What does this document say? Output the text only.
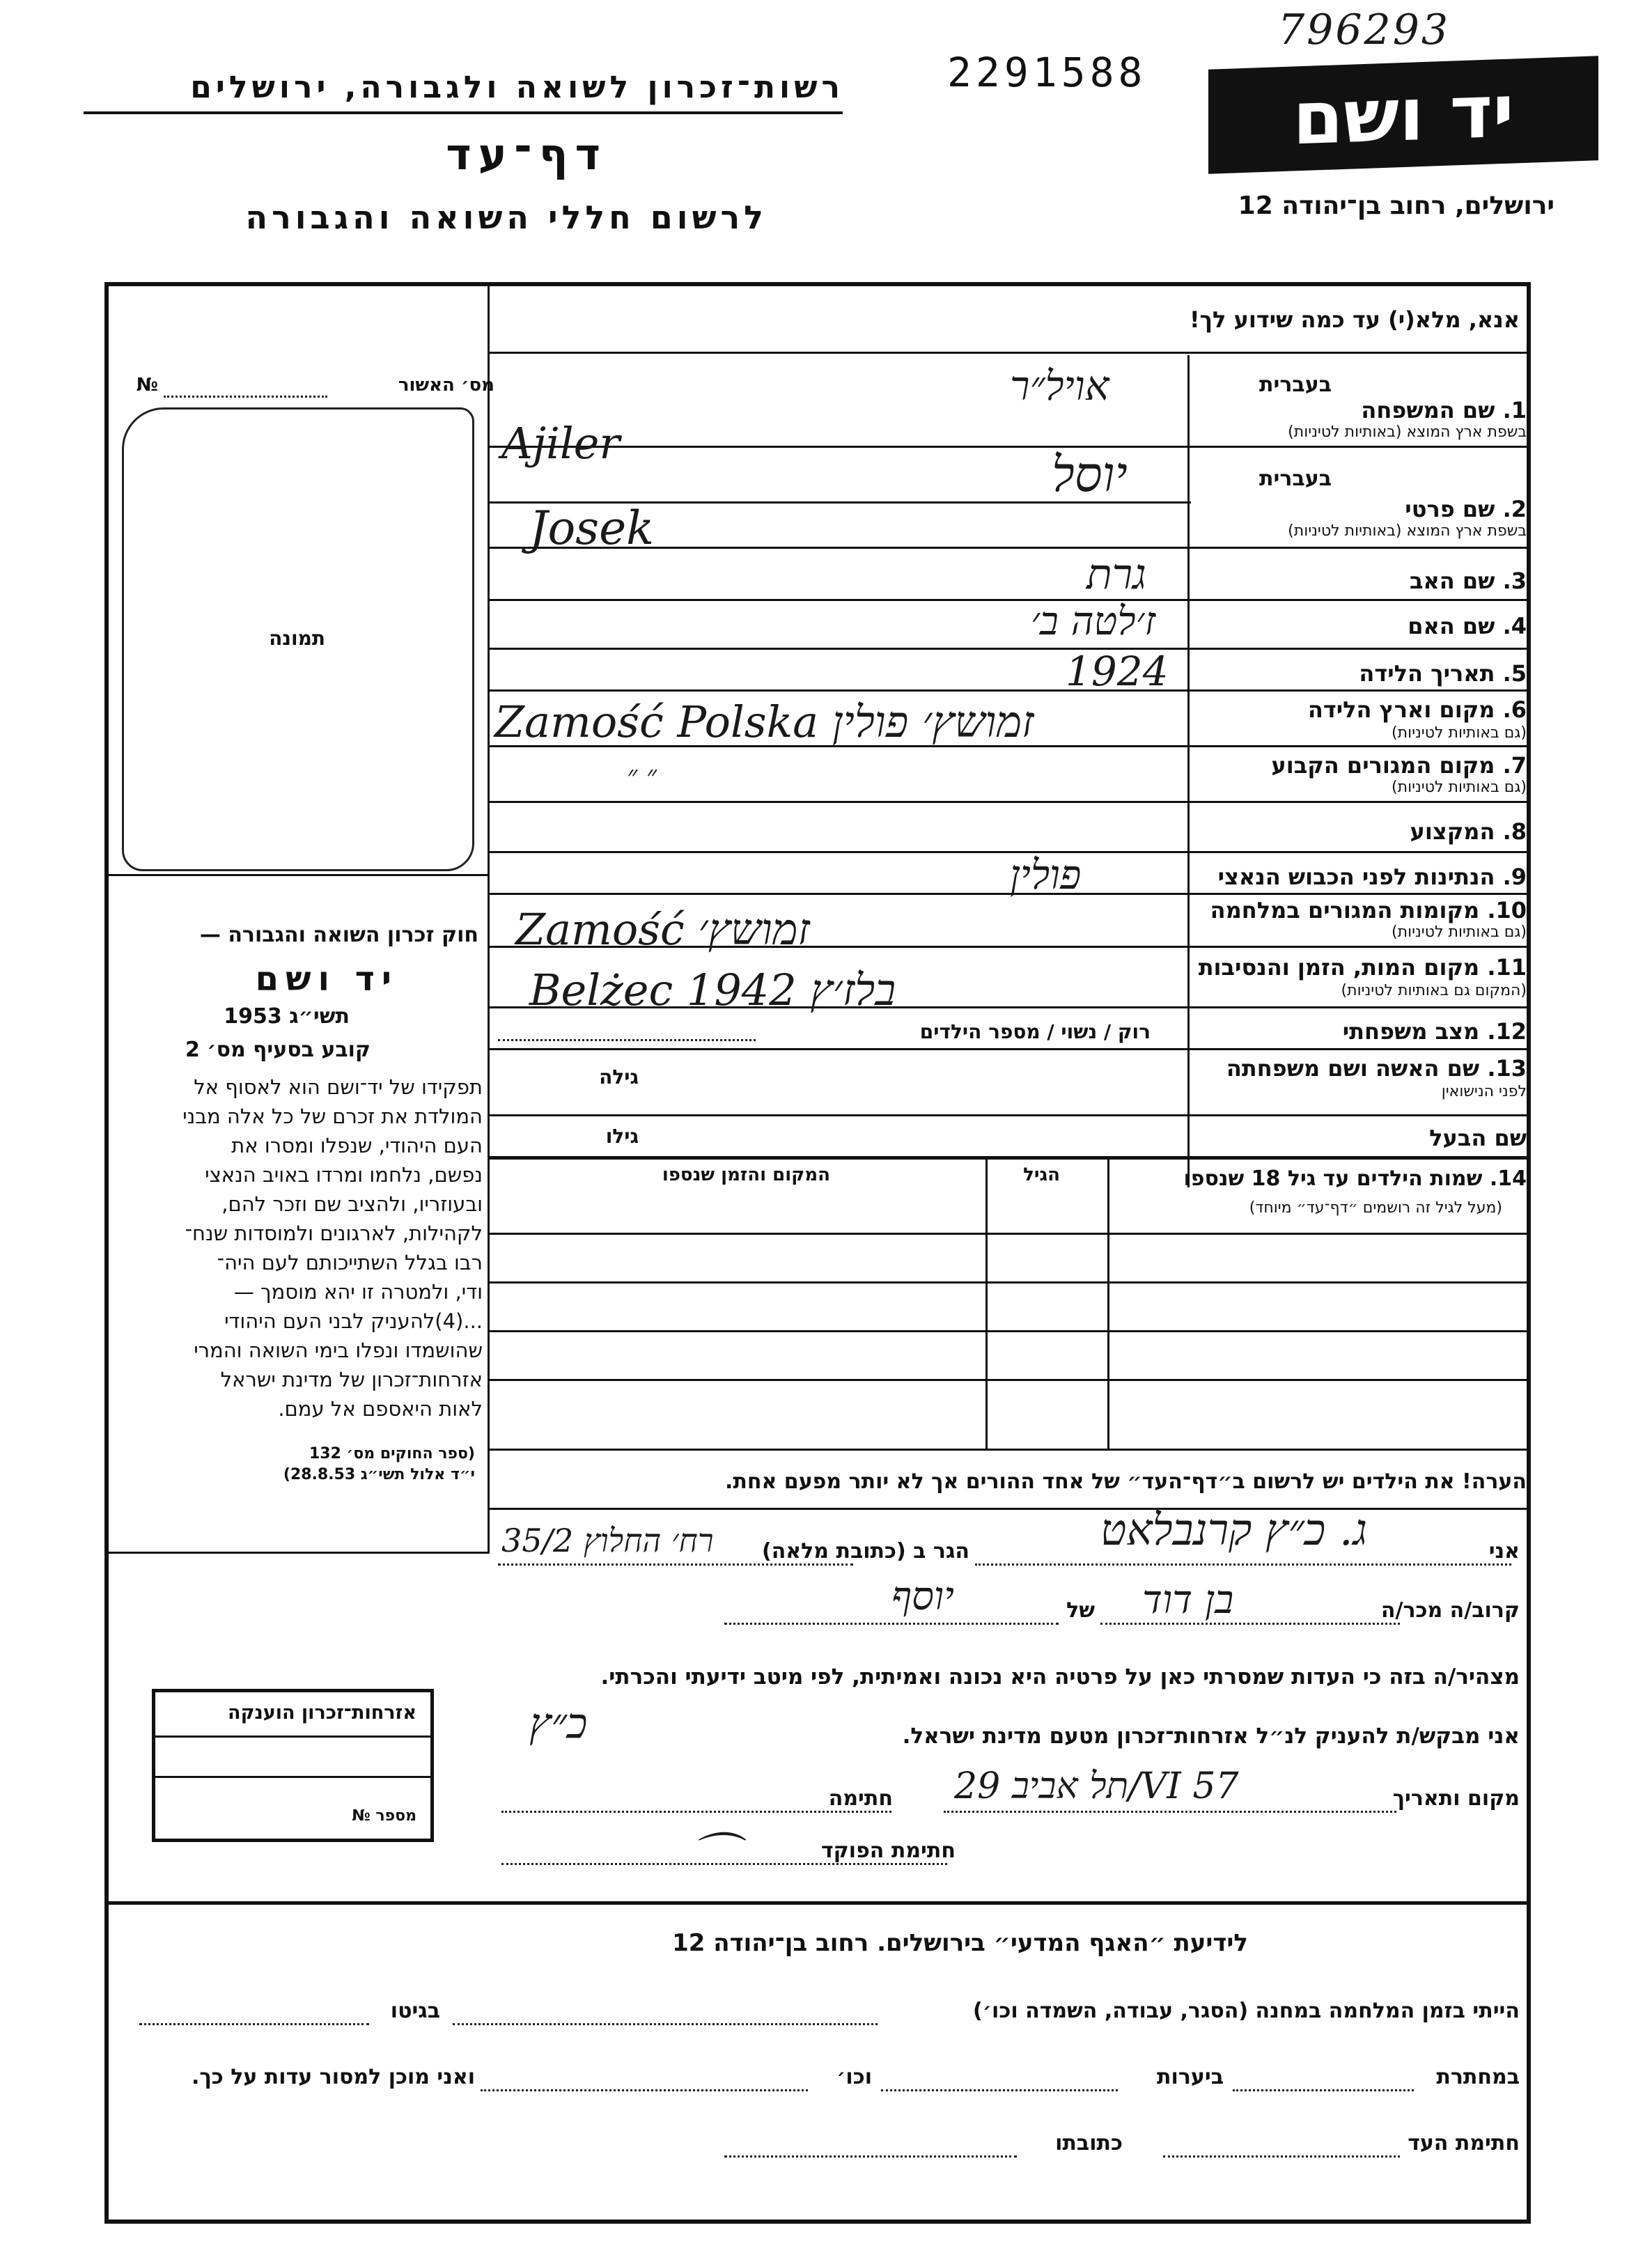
796293
2291588	יד ושם
רשות־זכרון לשואה ולגבורה, ירושלים
דף־עד
לרשום חללי השואה והגבורה	ירושלים, רחוב בן־יהודה 12
אנא, מלא(י) עד כמה שידוע לך!
מס׳ האשור
№
תמונה
חוק זכרון השואה והגבורה —
יד ושם
תשי״ג 1953
קובע בסעיף מס׳ 2
תפקידו של יד־ושם הוא לאסוף אל
המולדת את זכרם של כל אלה מבני
העם היהודי, שנפלו ומסרו את
נפשם, נלחמו ומרדו באויב הנאצי
ובעוזריו, ולהציב שם וזכר להם,
לקהילות, לארגונים ולמוסדות שנח־
רבו בגלל השתייכותם לעם היה־
ודי, ולמטרה זו יהא מוסמך —
...(4)להעניק לבני העם היהודי
שהושמדו ונפלו בימי השואה והמרי
אזרחות־זכרון של מדינת ישראל
לאות היאספם אל עמם.
(ספר החוקים מס׳ 132
י״ד אלול תשי״ג 28.8.53)
בעברית
1. שם המשפחה
בשפת ארץ המוצא (באותיות לטיניות)
אויל״ר
Ajiler
בעברית
2. שם פרטי
בשפת ארץ המוצא (באותיות לטיניות)
יוסל
Josek
3. שם האב
גרת
4. שם האם
ז׳לטה ב׳
5. תאריך הלידה
1924
6. מקום וארץ הלידה
(גם באותיות לטיניות)
Zamość Polska זמושץ׳ פולין
7. מקום המגורים הקבוע
(גם באותיות לטיניות)
״ ״
8. המקצוע
9. הנתינות לפני הכבוש הנאצי
פולין
10. מקומות המגורים במלחמה
(גם באותיות לטיניות)
Zamość זמושץ׳
11. מקום המות, הזמן והנסיבות
(המקום גם באותיות לטיניות)
Belżec 1942 בלז׳ץ
12. מצב משפחתי
רוק / נשוי / מספר הילדים
13. שם האשה ושם משפחתה
לפני הנישואין
גילה
שם הבעל
גילו
14. שמות הילדים עד גיל 18 שנספו
(מעל לגיל זה רושמים ״דף־עד״ מיוחד)
הגיל
המקום והזמן שנספו
הערה! את הילדים יש לרשום ב״דף־העד״ של אחד ההורים אך לא יותר מפעם אחת.
אני
ג. כ״ץ קרנבלאט
הגר ב (כתובת מלאה)
רח׳ החלוץ 35/2
קרוב/ה מכר/ה
בן דוד
של
יוסף
מצהיר/ה בזה כי העדות שמסרתי כאן על פרטיה היא נכונה ואמיתית, לפי מיטב ידיעתי והכרתי.
אני מבקש/ת להעניק לנ״ל אזרחות־זכרון מטעם מדינת ישראל.
כ״ץ
חתימה	מקום ותאריך
תל אביב 29/VI 57
חתימת הפוקד
⌒
אזרחות־זכרון הוענקה
מספר №
לידיעת ״האגף המדעי״ בירושלים. רחוב בן־יהודה 12
הייתי בזמן המלחמה במחנה (הסגר, עבודה, השמדה וכו׳)
בגיטו
במחתרת
ביערות
וכו׳
ואני מוכן למסור עדות על כך.
חתימת העד
כתובתו
